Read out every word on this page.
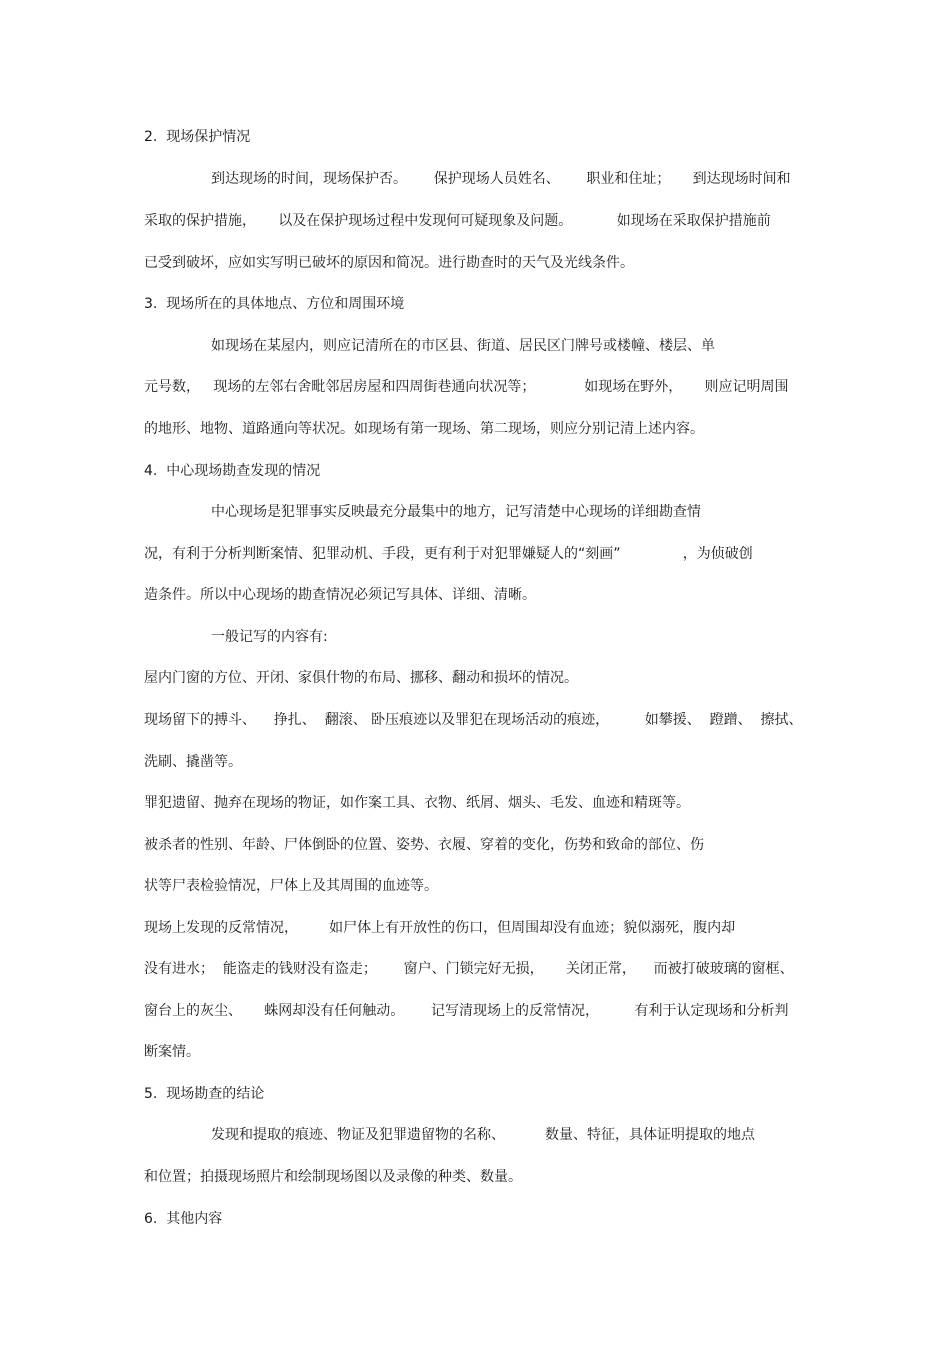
2.  现场保护情况
到达现场的时间，现场保护否。      保护现场人员姓名、      职业和住址；     到达现场时间和
采取的保护措施，     以及在保护现场过程中发现何可疑现象及问题。          如现场在采取保护措施前
已受到破坏，应如实写明已破坏的原因和简况。进行勘查时的天气及光线条件。
3.  现场所在的具体地点、方位和周围环境
如现场在某屋内，则应记清所在的市区县、街道、居民区门牌号或楼幢、楼层、单
元号数，   现场的左邻右舍毗邻居房屋和四周街巷通向状况等；           如现场在野外，     则应记明周围
的地形、地物、道路通向等状况。如现场有第一现场、第二现场，则应分别记清上述内容。
4.  中心现场勘查发现的情况
中心现场是犯罪事实反映最充分最集中的地方，记写清楚中心现场的详细勘查情
况，有利于分析判断案情、犯罪动机、手段，更有利于对犯罪嫌疑人的“刻画”              ，为侦破创
造条件。所以中心现场的勘查情况必须记写具体、详细、清晰。
一般记写的内容有:
屋内门窗的方位、开闭、家俱什物的布局、挪移、翻动和损坏的情况。
现场留下的搏斗、    挣扎、  翻滚、 卧压痕迹以及罪犯在现场活动的痕迹，        如攀援、  蹬蹭、  擦拭、
洗刷、撬凿等。
罪犯遗留、抛弃在现场的物证，如作案工具、衣物、纸屑、烟头、毛发、血迹和精斑等。
被杀者的性别、年龄、尸体倒卧的位置、姿势、衣履、穿着的变化，伤势和致命的部位、伤
状等尸表检验情况，尸体上及其周围的血迹等。
现场上发现的反常情况，       如尸体上有开放性的伤口，但周围却没有血迹；貌似溺死，腹内却
没有进水；  能盗走的钱财没有盗走；      窗户、门锁完好无损，     关闭正常，    而被打破玻璃的窗框、
窗台上的灰尘、     蛛网却没有任何触动。      记写清现场上的反常情况，        有利于认定现场和分析判
断案情。
5.  现场勘查的结论
发现和提取的痕迹、物证及犯罪遗留物的名称、         数量、特征，具体证明提取的地点
和位置；拍摄现场照片和绘制现场图以及录像的种类、数量。
6.  其他内容
